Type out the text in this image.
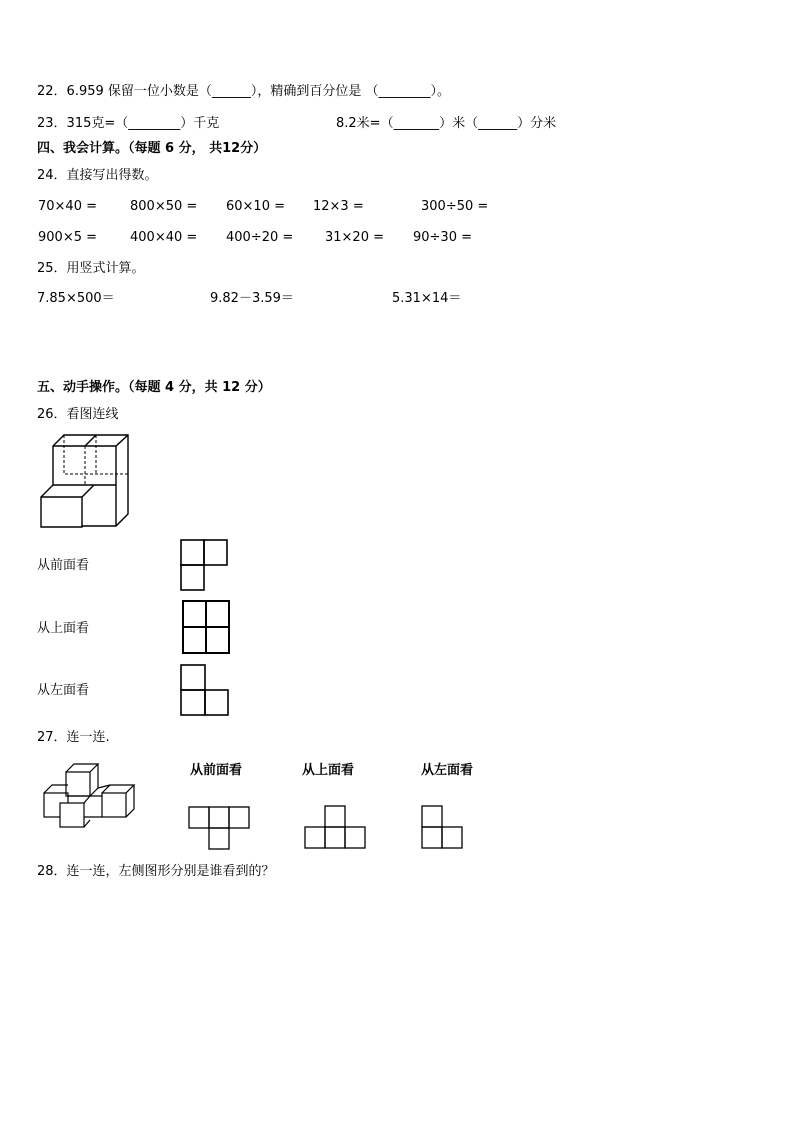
22．6.959 保留一位小数是（______），精确到百分位是 （________）。
23．315克=（________）千克	8.2米=（_______）米（______）分米
四、我会计算。（每题 6 分， 共12分）
24．直接写出得数。
70×40 =	800×50 = 60×10 = 12×3 =	300÷50 =
900×5 =	400×40 = 400÷20 = 31×20 = 90÷30 =
25．用竖式计算。
7.85×500＝	9.82－3.59＝	5.31×14＝
五、动手操作。（每题 4 分，共 12 分）
26．看图连线
从前面看
从上面看
从左面看
27．连一连.
从前面看	从上面看	从左面看
28．连一连，左侧图形分别是谁看到的？
